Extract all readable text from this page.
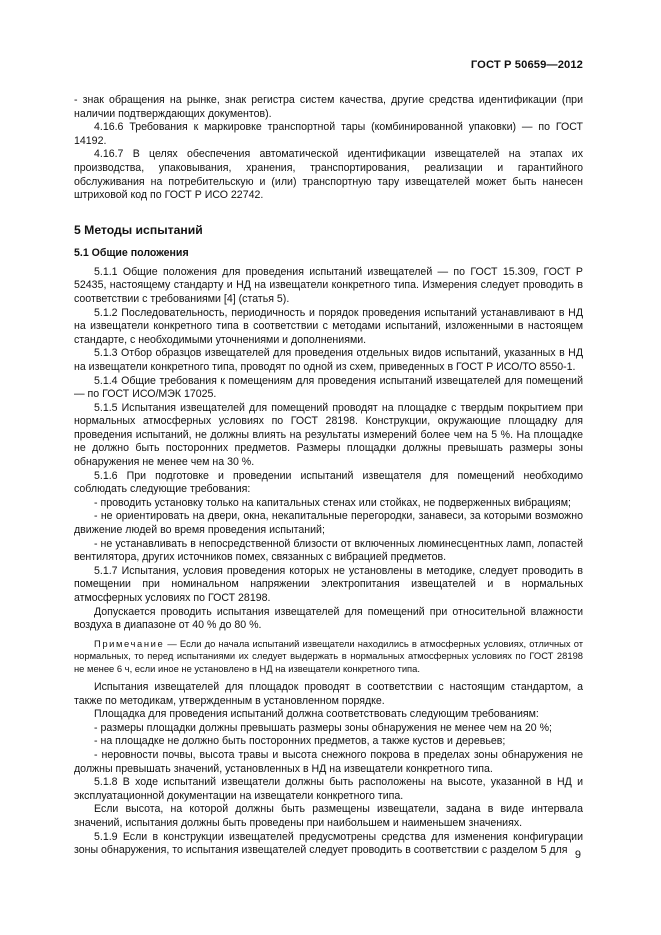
ГОСТ Р 50659—2012

- знак обращения на рынке, знак регистра систем качества, другие средства идентификации (при наличии подтверждающих документов).

4.16.6 Требования к маркировке транспортной тары (комбинированной упаковки) — по ГОСТ 14192.

4.16.7 В целях обеспечения автоматической идентификации извещателей на этапах их производства, упаковывания, хранения, транспортирования, реализации и гарантийного обслуживания на потребительскую и (или) транспортную тару извещателей может быть нанесен штриховой код по ГОСТ Р ИСО 22742.

5 Методы испытаний
5.1 Общие положения

5.1.1 Общие положения для проведения испытаний извещателей — по ГОСТ 15.309, ГОСТ Р 52435, настоящему стандарту и НД на извещатели конкретного типа. Измерения следует проводить в соответствии с требованиями [4] (статья 5).

5.1.2 Последовательность, периодичность и порядок проведения испытаний устанавливают в НД на извещатели конкретного типа в соответствии с методами испытаний, изложенными в настоящем стандарте, с необходимыми уточнениями и дополнениями.

5.1.3 Отбор образцов извещателей для проведения отдельных видов испытаний, указанных в НД на извещатели конкретного типа, проводят по одной из схем, приведенных в ГОСТ Р ИСО/ТО 8550-1.

5.1.4 Общие требования к помещениям для проведения испытаний извещателей для помещений — по ГОСТ ИСО/МЭК 17025.

5.1.5 Испытания извещателей для помещений проводят на площадке с твердым покрытием при нормальных атмосферных условиях по ГОСТ 28198. Конструкции, окружающие площадку для проведения испытаний, не должны влиять на результаты измерений более чем на 5 %. На площадке не должно быть посторонних предметов. Размеры площадки должны превышать размеры зоны обнаружения не менее чем на 30 %.

5.1.6 При подготовке и проведении испытаний извещателя для помещений необходимо соблюдать следующие требования:

- проводить установку только на капитальных стенах или стойках, не подверженных вибрациям;

- не ориентировать на двери, окна, некапитальные перегородки, занавеси, за которыми возможно движение людей во время проведения испытаний;

- не устанавливать в непосредственной близости от включенных люминесцентных ламп, лопастей вентилятора, других источников помех, связанных с вибрацией предметов.

5.1.7 Испытания, условия проведения которых не установлены в методике, следует проводить в помещении при номинальном напряжении электропитания извещателей и в нормальных атмосферных условиях по ГОСТ 28198.

Допускается проводить испытания извещателей для помещений при относительной влажности воздуха в диапазоне от 40 % до 80 %.

Примечание — Если до начала испытаний извещатели находились в атмосферных условиях, отличных от нормальных, то перед испытаниями их следует выдержать в нормальных атмосферных условиях по ГОСТ 28198 не менее 6 ч, если иное не установлено в НД на извещатели конкретного типа.

Испытания извещателей для площадок проводят в соответствии с настоящим стандартом, а также по методикам, утвержденным в установленном порядке.

Площадка для проведения испытаний должна соответствовать следующим требованиям:

- размеры площадки должны превышать размеры зоны обнаружения не менее чем на 20 %;

- на площадке не должно быть посторонних предметов, а также кустов и деревьев;

- неровности почвы, высота травы и высота снежного покрова в пределах зоны обнаружения не должны превышать значений, установленных в НД на извещатели конкретного типа.

5.1.8 В ходе испытаний извещатели должны быть расположены на высоте, указанной в НД и эксплуатационной документации на извещатели конкретного типа.

Если высота, на которой должны быть размещены извещатели, задана в виде интервала значений, испытания должны быть проведены при наибольшем и наименьшем значениях.

5.1.9 Если в конструкции извещателей предусмотрены средства для изменения конфигурации зоны обнаружения, то испытания извещателей следует проводить в соответствии с разделом 5 для 9
